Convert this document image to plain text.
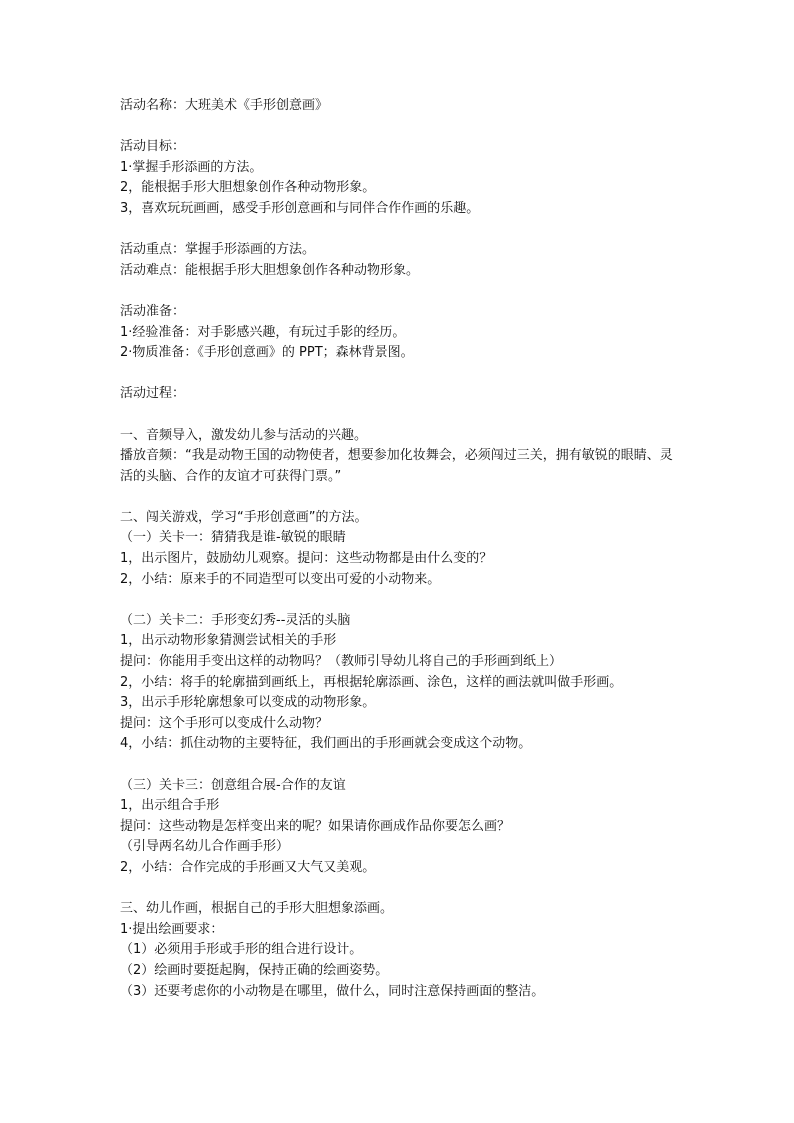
活动名称：大班美术《手形创意画》
活动目标：
1·掌握手形添画的方法。
2，能根据手形大胆想象创作各种动物形象。
3，喜欢玩玩画画，感受手形创意画和与同伴合作作画的乐趣。
活动重点：掌握手形添画的方法。
活动难点：能根据手形大胆想象创作各种动物形象。
活动准备：
1·经验准备：对手影感兴趣，有玩过手影的经历。
2·物质准备：《手形创意画》的 PPT；森林背景图。
活动过程：
一、音频导入，激发幼儿参与活动的兴趣。
播放音频：“我是动物王国的动物使者，想要参加化妆舞会，必须闯过三关，拥有敏锐的眼睛、灵活的头脑、合作的友谊才可获得门票。”
二、闯关游戏，学习“手形创意画”的方法。
（一）关卡一：猜猜我是谁-敏锐的眼睛
1，出示图片，鼓励幼儿观察。提问：这些动物都是由什么变的？
2，小结：原来手的不同造型可以变出可爱的小动物来。
（二）关卡二：手形变幻秀--灵活的头脑
1，出示动物形象猜测尝试相关的手形
提问：你能用手变出这样的动物吗？（教师引导幼儿将自己的手形画到纸上）
2，小结：将手的轮廓描到画纸上，再根据轮廓添画、涂色，这样的画法就叫做手形画。
3，出示手形轮廓想象可以变成的动物形象。
提问：这个手形可以变成什么动物？
4，小结：抓住动物的主要特征，我们画出的手形画就会变成这个动物。
（三）关卡三：创意组合展-合作的友谊
1，出示组合手形
提问：这些动物是怎样变出来的呢？如果请你画成作品你要怎么画？
（引导两名幼儿合作画手形）
2，小结：合作完成的手形画又大气又美观。
三、幼儿作画，根据自己的手形大胆想象添画。
1·提出绘画要求：
（1）必须用手形或手形的组合进行设计。
（2）绘画时要挺起胸，保持正确的绘画姿势。
（3）还要考虑你的小动物是在哪里，做什么，同时注意保持画面的整洁。
